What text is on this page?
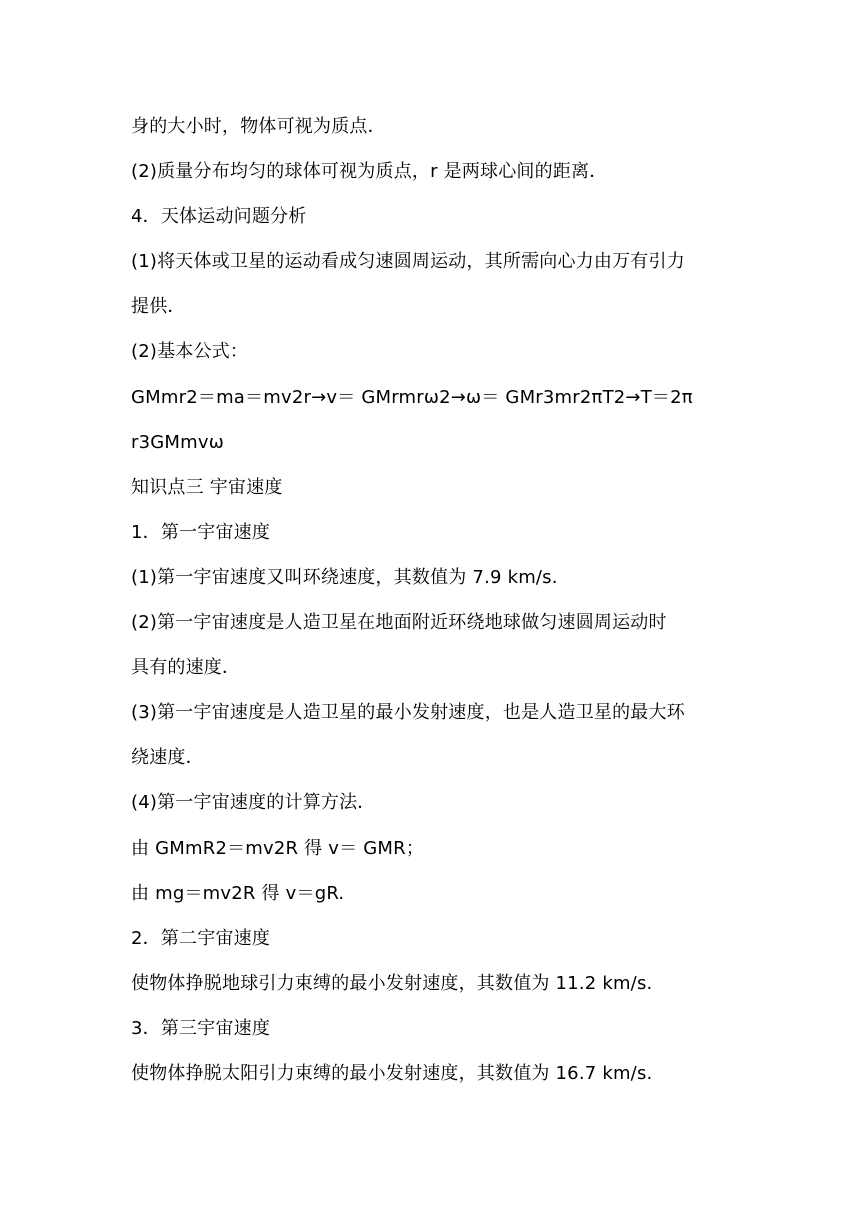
身的大小时，物体可视为质点．
(2)质量分布均匀的球体可视为质点，r 是两球心间的距离．
4．天体运动问题分析
(1)将天体或卫星的运动看成匀速圆周运动，其所需向心力由万有引力
提供．
(2)基本公式：
GMmr2＝ma＝mv2r→v＝ GMrmrω2→ω＝ GMr3mr2πT2→T＝2π
r3GMmvω
知识点三 宇宙速度
1．第一宇宙速度
(1)第一宇宙速度又叫环绕速度，其数值为 7.9 km/s.
(2)第一宇宙速度是人造卫星在地面附近环绕地球做匀速圆周运动时
具有的速度．
(3)第一宇宙速度是人造卫星的最小发射速度，也是人造卫星的最大环
绕速度．
(4)第一宇宙速度的计算方法．
由 GMmR2＝mv2R 得 v＝ GMR；
由 mg＝mv2R 得 v＝gR.
2．第二宇宙速度
使物体挣脱地球引力束缚的最小发射速度，其数值为 11.2 km/s.
3．第三宇宙速度
使物体挣脱太阳引力束缚的最小发射速度，其数值为 16.7 km/s.
